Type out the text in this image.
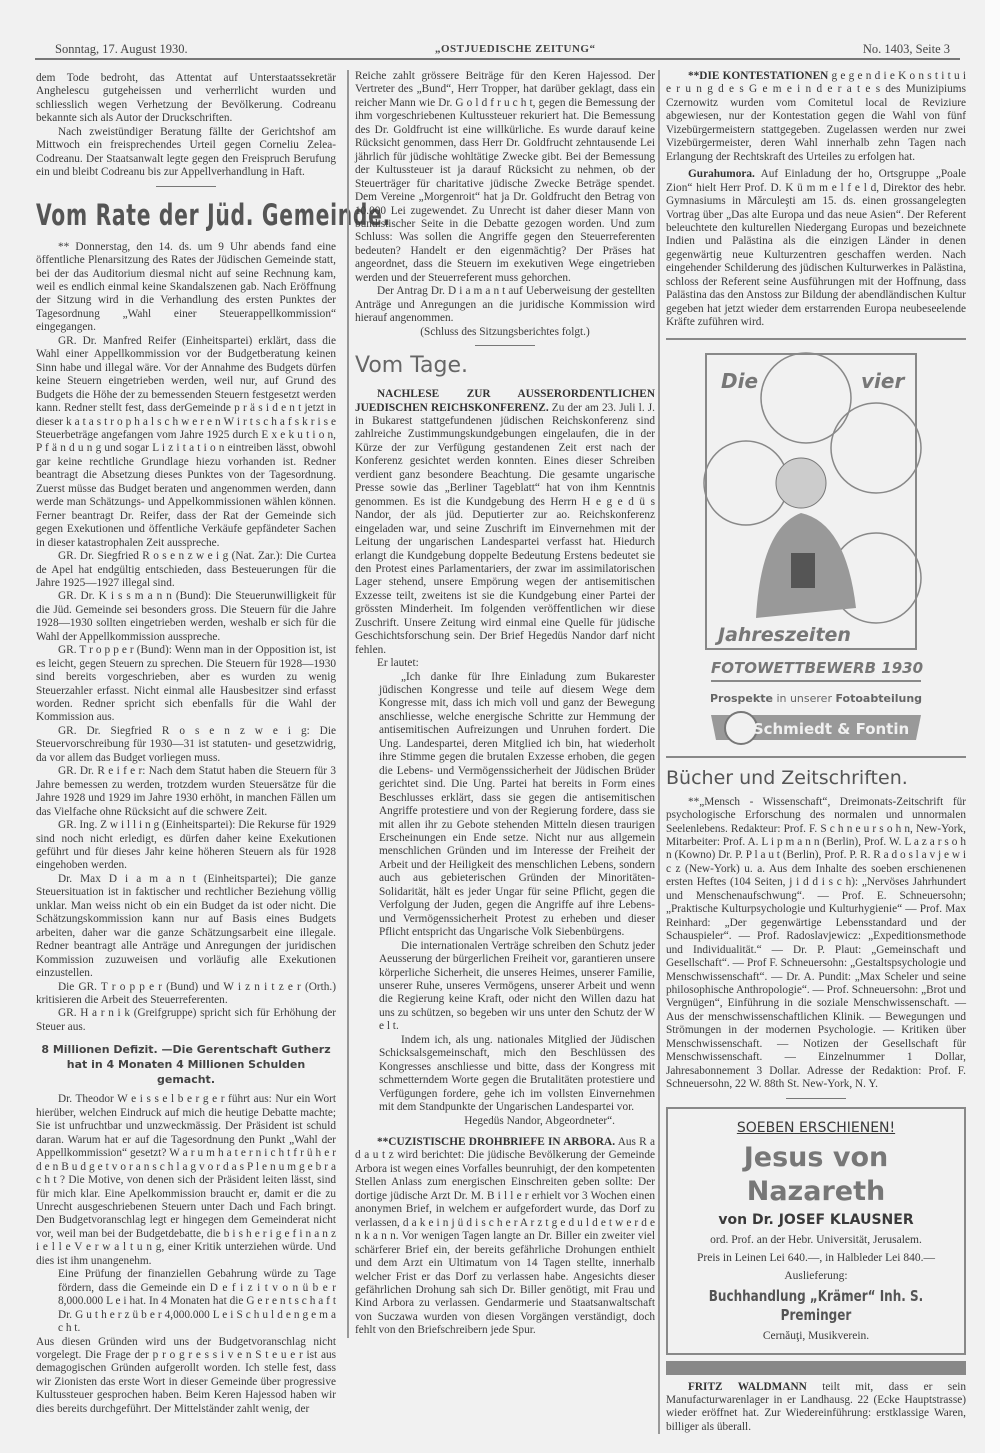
Sonntag, 17. August 1930.	„OSTJUEDISCHE ZEITUNG“	No. 1403, Seite 3

dem Tode bedroht, das Attentat auf Unterstaatssekretär Anghelescu gutgeheissen und verherrlicht wurden und schliesslich wegen Verhetzung der Bevölkerung. Codreanu bekannte sich als Autor der Druckschriften.

Nach zweistündiger Beratung fällte der Gerichtshof am Mittwoch ein freisprechendes Urteil gegen Corneliu Zelea-Codreanu. Der Staatsanwalt legte gegen den Freispruch Berufung ein und bleibt Codreanu bis zur Appellverhandlung in Haft.

Vom Rate der Jüd. Gemeinde.

** Donnerstag, den 14. ds. um 9 Uhr abends fand eine öffentliche Plenarsitzung des Rates der Jüdischen Gemeinde statt, bei der das Auditorium diesmal nicht auf seine Rechnung kam, weil es endlich einmal keine Skandalszenen gab. Nach Eröffnung der Sitzung wird in die Verhandlung des ersten Punktes der Tagesordnung „Wahl einer Steuerappellkommission“ eingegangen.

GR. Dr. Manfred Reifer (Einheitspartei) erklärt, dass die Wahl einer Appellkommission vor der Budgetberatung keinen Sinn habe und illegal wäre. Vor der Annahme des Budgets dürfen keine Steuern eingetrieben werden, weil nur, auf Grund des Budgets die Höhe der zu bemessenden Steuern festgesetzt werden kann. Redner stellt fest, dass derGemeinde p r ä s i d e n t jetzt in dieser k a t a s t r o p h a l s c h w e r e n W i r t s c h a f s k r i s e Steuerbeträge angefangen vom Jahre 1925 durch E x e k u t i o n, P f ä n d u n g und sogar L i z i t a t i o n eintreiben lässt, obwohl gar keine rechtliche Grundlage hiezu vorhanden ist. Redner beantragt die Absetzung dieses Punktes von der Tagesordnung. Zuerst müsse das Budget beraten und angenommen werden, dann werde man Schätzungs- und Appelkommissionen wählen können. Ferner beantragt Dr. Reifer, dass der Rat der Gemeinde sich gegen Exekutionen und öffentliche Verkäufe gepfändeter Sachen in dieser katastrophalen Zeit ausspreche.

GR. Dr. Siegfried R o s e n z w e i g (Nat. Zar.): Die Curtea de Apel hat endgültig entschieden, dass Besteuerungen für die Jahre 1925—1927 illegal sind.

GR. Dr. K i s s m a n n (Bund): Die Steuerunwilligkeit für die Jüd. Gemeinde sei besonders gross. Die Steuern für die Jahre 1928—1930 sollten eingetrieben werden, weshalb er sich für die Wahl der Appellkommission ausspreche.

GR. T r o p p e r (Bund): Wenn man in der Opposition ist, ist es leicht, gegen Steuern zu sprechen. Die Steuern für 1928—1930 sind bereits vorgeschrieben, aber es wurden zu wenig Steuerzahler erfasst. Nicht einmal alle Hausbesitzer sind erfasst worden. Redner spricht sich ebenfalls für die Wahl der Kommission aus.

GR. Dr. Siegfried R o s e n z w e i g: Die Steuervorschreibung für 1930—31 ist statuten- und gesetzwidrig, da vor allem das Budget vorliegen muss.

GR. Dr. R e i f e r: Nach dem Statut haben die Steuern für 3 Jahre bemessen zu werden, trotzdem wurden Steuersätze für die Jahre 1928 und 1929 im Jahre 1930 erhöht, in manchen Fällen um das Vielfache ohne Rücksicht auf die schwere Zeit.

GR. Ing. Z w i l l i n g (Einheitspartei): Die Rekurse für 1929 sind noch nicht erledigt, es dürfen daher keine Exekutionen geführt und für dieses Jahr keine höheren Steuern als für 1928 eingehoben werden.

Dr. Max D i a m a n t (Einheitspartei); Die ganze Steuersituation ist in faktischer und rechtlicher Beziehung völlig unklar. Man weiss nicht ob ein ein Budget da ist oder nicht. Die Schätzungskommission kann nur auf Basis eines Budgets arbeiten, daher war die ganze Schätzungsarbeit eine illegale. Redner beantragt alle Anträge und Anregungen der juridischen Kommission zuzuweisen und vorläufig alle Exekutionen einzustellen.

Die GR. T r o p p e r (Bund) und W i z n i t z e r (Orth.) kritisieren die Arbeit des Steuerreferenten.

GR. H a r n i k (Greifgruppe) spricht sich für Erhöhung der Steuer aus.

8 Millionen Defizit. —Die Gerentschaft Gutherz hat in 4 Monaten 4 Millionen Schulden gemacht.

Dr. Theodor W e i s s e l b e r g e r führt aus: Nur ein Wort hierüber, welchen Eindruck auf mich die heutige Debatte machte; Sie ist unfruchtbar und unzweckmässig. Der Präsident ist schuld daran. Warum hat er auf die Tagesordnung den Punkt „Wahl der Appellkommission“ gesetzt? W a r u m h a t e r n i c h t f r ü h e r d e n B u d g e t v o r a n s c h l a g v o r d a s P l e n u m g e b r a c h t ? Die Motive, von denen sich der Präsident leiten lässt, sind für mich klar. Eine Apelkommission braucht er, damit er die zu Unrecht ausgeschriebenen Steuern unter Dach und Fach bringt. Den Budgetvoranschlag legt er hingegen dem Gemeinderat nicht vor, weil man bei der Budgetdebatte, die b i s h e r i g e f i n a n z i e l l e V e r w a l t u n g, einer Kritik unterziehen würde. Und dies ist ihm unangenehm.

Eine Prüfung der finanziellen Gebahrung würde zu Tage fördern, dass die Gemeinde ein D e f i z i t v o n ü b e r 8,000.000 L e i hat. In 4 Monaten hat die G e r e n t s c h a f t Dr. G u t h e r z ü b e r 4,000.000 L e i S c h u l d e n g e m a c h t.

Aus diesen Gründen wird uns der Budgetvoranschlag nicht vorgelegt. Die Frage der p r o g r e s s i v e n S t e u e r ist aus demagogischen Gründen aufgerollt worden. Ich stelle fest, dass wir Zionisten das erste Wort in dieser Gemeinde über progressive Kultussteuer gesprochen haben. Beim Keren Hajessod haben wir dies bereits durchgeführt. Der Mittelständer zahlt wenig, der

Reiche zahlt grössere Beiträge für den Keren Hajessod. Der Vertreter des „Bund“, Herr Tropper, hat darüber geklagt, dass ein reicher Mann wie Dr. G o l d f r u c h t, gegen die Bemessung der ihm vorgeschriebenen Kultussteuer rekuriert hat. Die Bemessung des Dr. Goldfrucht ist eine willkürliche. Es wurde darauf keine Rücksicht genommen, dass Herr Dr. Goldfrucht zehntausende Lei jährlich für jüdische wohltätige Zwecke gibt. Bei der Bemessung der Kultussteuer ist ja darauf Rücksicht zu nehmen, ob der Steuerträger für charitative jüdische Zwecke Beträge spendet. Dem Vereine „Morgenroit“ hat ja Dr. Goldfrucht den Betrag von 10.000 Lei zugewendet. Zu Unrecht ist daher dieser Mann von bundistischer Seite in die Debatte gezogen worden. Und zum Schluss: Was sollen die Angriffe gegen den Steuerreferenten bedeuten? Handelt er den eigenmächtig? Der Präses hat angeordnet, dass die Steuern im exekutiven Wege eingetrieben werden und der Steuerreferent muss gehorchen.

Der Antrag Dr. D i a m a n t auf Ueberweisung der gestellten Anträge und Anregungen an die juridische Kommission wird hierauf angenommen.

(Schluss des Sitzungsberichtes folgt.)

Vom Tage.

NACHLESE ZUR AUSSERORDENTLICHEN JUEDISCHEN REICHSKONFERENZ. Zu der am 23. Juli l. J. in Bukarest stattgefundenen jüdischen Reichskonferenz sind zahlreiche Zustimmungskundgebungen eingelaufen, die in der Kürze der zur Verfügung gestandenen Zeit erst nach der Konferenz gesichtet werden konnten. Eines dieser Schreiben verdient ganz besondere Beachtung. Die gesamte ungarische Presse sowie das „Berliner Tageblatt“ hat von ihm Kenntnis genommen. Es ist die Kundgebung des Herrn H e g e d ü s Nandor, der als jüd. Deputierter zur ao. Reichskonferenz eingeladen war, und seine Zuschrift im Einvernehmen mit der Leitung der ungarischen Landespartei verfasst hat. Hiedurch erlangt die Kundgebung doppelte Bedeutung Erstens bedeutet sie den Protest eines Parlamentariers, der zwar im assimilatorischen Lager stehend, unsere Empörung wegen der antisemitischen Exzesse teilt, zweitens ist sie die Kundgebung einer Partei der grössten Minderheit. Im folgenden veröffentlichen wir diese Zuschrift. Unsere Zeitung wird einmal eine Quelle für jüdische Geschichtsforschung sein. Der Brief Hegedüs Nandor darf nicht fehlen.

Er lautet:

„Ich danke für Ihre Einladung zum Bukarester jüdischen Kongresse und teile auf diesem Wege dem Kongresse mit, dass ich mich voll und ganz der Bewegung anschliesse, welche energische Schritte zur Hemmung der antisemitischen Aufreizungen und Unruhen fordert. Die Ung. Landespartei, deren Mitglied ich bin, hat wiederholt ihre Stimme gegen die brutalen Exzesse erhoben, die gegen die Lebens- und Vermögenssicherheit der Jüdischen Brüder gerichtet sind. Die Ung. Partei hat bereits in Form eines Beschlusses erklärt, dass sie gegen die antisemitischen Angriffe protestiere und von der Regierung fordere, dass sie mit allen ihr zu Gebote stehenden Mitteln diesen traurigen Erscheinungen ein Ende setze. Nicht nur aus allgemein menschlichen Gründen und im Interesse der Freiheit der Arbeit und der Heiligkeit des menschlichen Lebens, sondern auch aus gebieterischen Gründen der Minoritäten-Solidarität, hält es jeder Ungar für seine Pflicht, gegen die Verfolgung der Juden, gegen die Angriffe auf ihre Lebens- und Vermögenssicherheit Protest zu erheben und dieser Pflicht entspricht das Ungarische Volk Siebenbürgens.

Die internationalen Verträge schreiben den Schutz jeder Aeusserung der bürgerlichen Freiheit vor, garantieren unsere körperliche Sicherheit, die unseres Heimes, unserer Familie, unserer Ruhe, unseres Vermögens, unserer Arbeit und wenn die Regierung keine Kraft, oder nicht den Willen dazu hat uns zu schützen, so begeben wir uns unter den Schutz der W e l t.

Indem ich, als ung. nationales Mitglied der Jüdischen Schicksalsgemeinschaft, mich den Beschlüssen des Kongresses anschliesse und bitte, dass der Kongress mit schmetterndem Worte gegen die Brutalitäten protestiere und Verfügungen fordere, gehe ich im vollsten Einvernehmen mit dem Standpunkte der Ungarischen Landespartei vor.

Hegedüs Nandor, Abgeordneter“.

**CUZISTISCHE DROHBRIEFE IN ARBORA. Aus R a d a u t z wird berichtet: Die jüdische Bevölkerung der Gemeinde Arbora ist wegen eines Vorfalles beunruhigt, der den kompetenten Stellen Anlass zum energischen Einschreiten geben sollte: Der dortige jüdische Arzt Dr. M. B i l l e r erhielt vor 3 Wochen einen anonymen Brief, in welchem er aufgefordert wurde, das Dorf zu verlassen, d a k e i n j ü d i s c h e r A r z t g e d u l d e t w e r d e n k a n n. Vor wenigen Tagen langte an Dr. Biller ein zweiter viel schärferer Brief ein, der bereits gefährliche Drohungen enthielt und dem Arzt ein Ultimatum von 14 Tagen stellte, innerhalb welcher Frist er das Dorf zu verlassen habe. Angesichts dieser gefährlichen Drohung sah sich Dr. Biller genötigt, mit Frau und Kind Arbora zu verlassen. Gendarmerie und Staatsanwaltschaft von Suczawa wurden von diesen Vorgängen verständigt, doch fehlt von den Briefschreibern jede Spur.

**DIE KONTESTATIONEN g e g e n d i e K o n s t i t u i e r u n g d e s G e m e i n d e r a t e s des Munizipiums Czernowitz wurden vom Comitetul local de Reviziure abgewiesen, nur der Kontestation gegen die Wahl von fünf Vizebürgermeistern stattgegeben. Zugelassen werden nur zwei Vizebürgermeister, deren Wahl innerhalb zehn Tagen nach Erlangung der Rechtskraft des Urteiles zu erfolgen hat.

Gurahumora. Auf Einladung der ho, Ortsgruppe „Poale Zion“ hielt Herr Prof. D. K ü m m e l f e l d, Direktor des hebr. Gymnasiums in Mărculeşti am 15. ds. einen grossangelegten Vortrag über „Das alte Europa und das neue Asien“. Der Referent beleuchtete den kulturellen Niedergang Europas und bezeichnete Indien und Palästina als die einzigen Länder in denen gegenwärtig neue Kulturzentren geschaffen werden. Nach eingehender Schilderung des jüdischen Kulturwerkes in Palästina, schloss der Referent seine Ausführungen mit der Hoffnung, dass Palästina das den Anstoss zur Bildung der abendländischen Kultur gegeben hat jetzt wieder dem erstarrenden Europa neubeseelende Kräfte zuführen wird.

Die	vier
Jahreszeiten
FOTOWETTBEWERB 1930
Prospekte in unserer Fotoabteilung
Schmiedt & Fontin
Bücher und Zeitschriften.

**„Mensch - Wissenschaft“, Dreimonats-Zeitschrift für psychologische Erforschung des normalen und unnormalen Seelenlebens. Redakteur: Prof. F. S c h n e u r s o h n, New-York, Mitarbeiter: Prof. A. L i p m a n n (Berlin), Prof. W. L a z a r s o h n (Kowno) Dr. P. P l a u t (Berlin), Prof. P. R. R a d o s l a v j e w i c z (New-York) u. a. Aus dem Inhalte des soeben erschienenen ersten Heftes (104 Seiten, j i d d i s c h): „Nervöses Jahrhundert und Menschenaufschwung“. — Prof. E. Schneuersohn; „Praktische Kulturpsychologie und Kulturhygienie“ — Prof. Max Reinhard: „Der gegenwärtige Lebensstandard und der Schauspieler“. — Prof. Radoslavjewicz: „Expeditionsmethode und Individualität.“ — Dr. P. Plaut: „Gemeinschaft und Gesellschaft“. — Prof F. Schneuersohn: „Gestaltspsychologie und Menschwissenschaft“. — Dr. A. Pundit: „Max Scheler und seine philosophische Anthropologie“. — Prof. Schneuersohn: „Brot und Vergnügen“, Einführung in die soziale Menschwissenschaft. — Aus der menschwissenschaftlichen Klinik. — Bewegungen und Strömungen in der modernen Psychologie. — Kritiken über Menschwissenschaft. — Notizen der Gesellschaft für Menschwissenschaft. — Einzelnummer 1 Dollar, Jahresabonnement 3 Dollar. Adresse der Redaktion: Prof. F. Schneuersohn, 22 W. 88th St. New-York, N. Y.

SOEBEN ERSCHIENEN!
Jesus von Nazareth
von Dr. JOSEF KLAUSNER
ord. Prof. an der Hebr. Universität, Jerusalem.
Preis in Leinen Lei 640.—, in Halbleder Lei 840.—
Auslieferung:
Buchhandlung „Krämer“ Inh. S. Preminger
Cernăuţi, Musikverein.

FRITZ WALDMANN teilt mit, dass er sein Manufacturwarenlager in er Landhausg. 22 (Ecke Hauptstrasse) wieder eröffnet hat. Zur Wiedereinführung: erstklassige Waren, billiger als überall.
